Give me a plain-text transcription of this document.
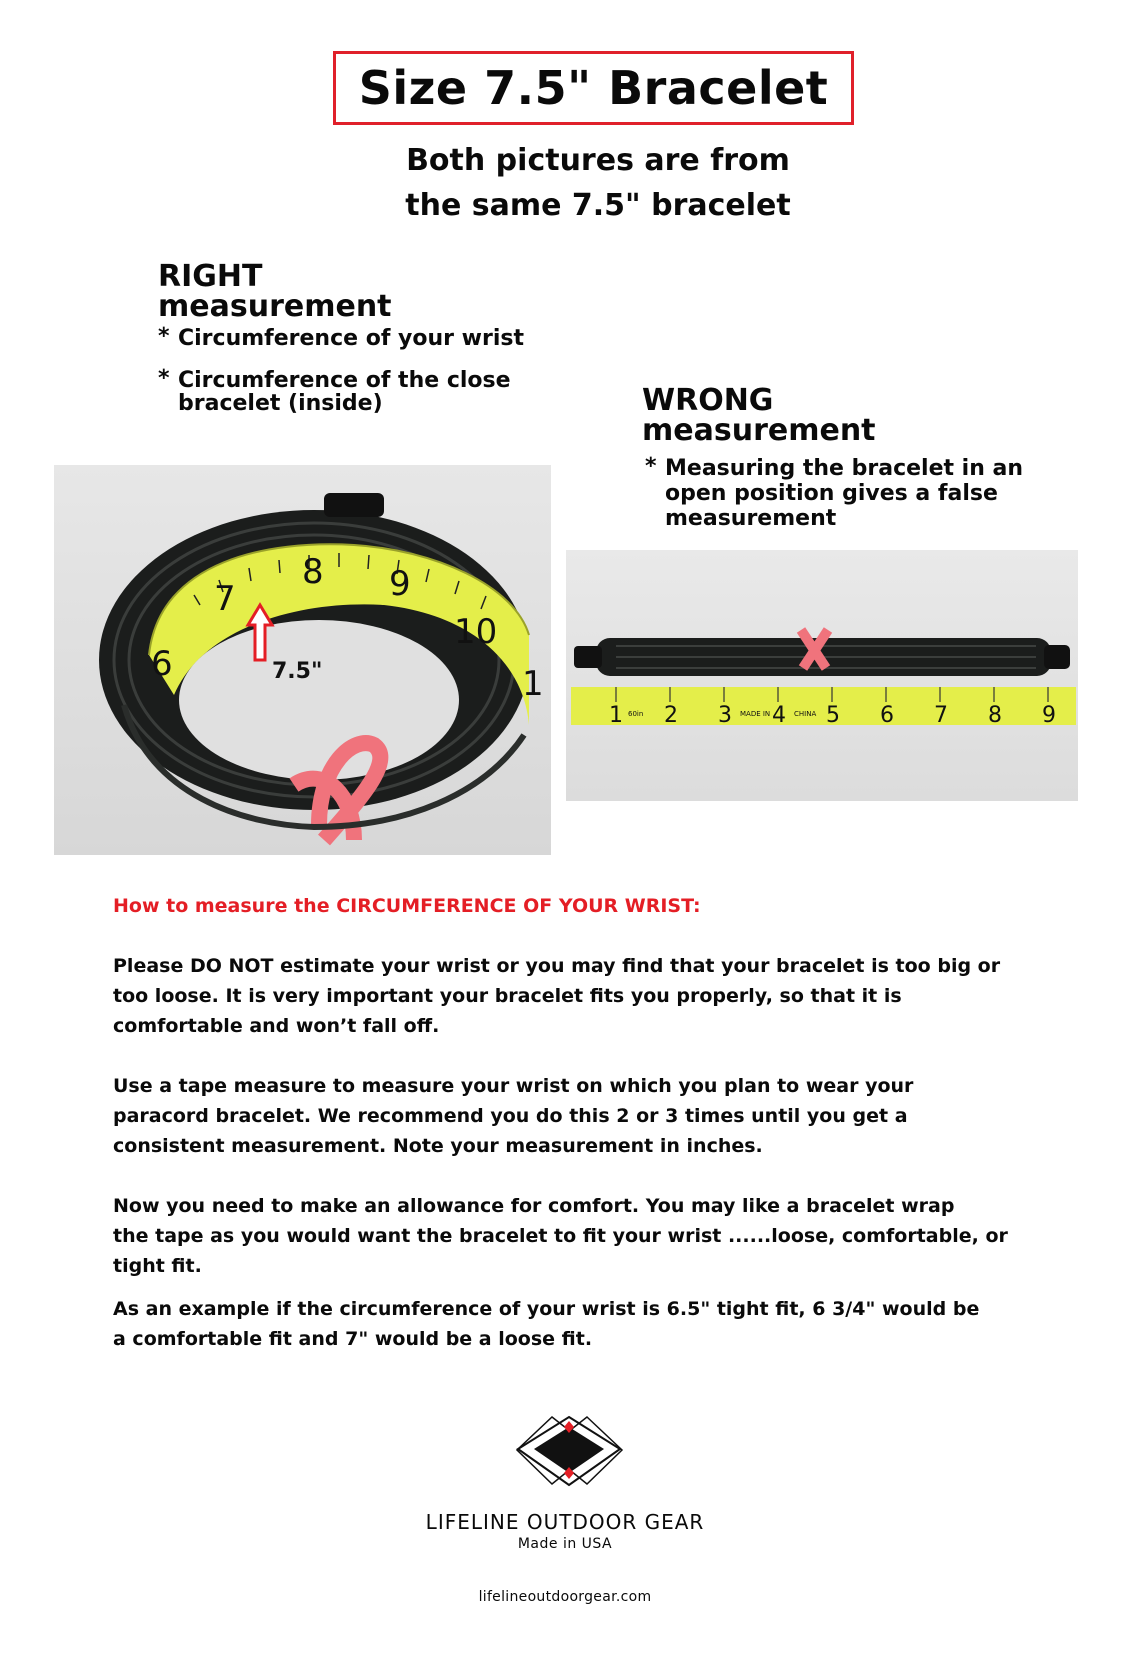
Size 7.5" Bracelet
Both pictures are from
the same 7.5" bracelet
RIGHT
measurement
* Circumference of your wrist
* Circumference of the close
bracelet (inside)	WRONG
measurement
* Measuring the bracelet in an
open position gives a false
measurement
6
7
8 9
10
1
7.5"
1 2 3 4 5 6 7 8 9
60in	MADE IN	CHINA
How to measure the CIRCUMFERENCE OF YOUR WRIST:
Please DO NOT estimate your wrist or you may find that your bracelet is too big or
too loose. It is very important your bracelet fits you properly, so that it is
comfortable and won’t fall off.
Use a tape measure to measure your wrist on which you plan to wear your
paracord bracelet. We recommend you do this 2 or 3 times until you get a
consistent measurement. Note your measurement in inches.
Now you need to make an allowance for comfort. You may like a bracelet wrap
the tape as you would want the bracelet to fit your wrist ......loose, comfortable, or
tight fit.
As an example if the circumference of your wrist is 6.5" tight fit, 6 3/4" would be
a comfortable fit and 7" would be a loose fit.
LIFELINE OUTDOOR GEAR
Made in USA
lifelineoutdoorgear.com
